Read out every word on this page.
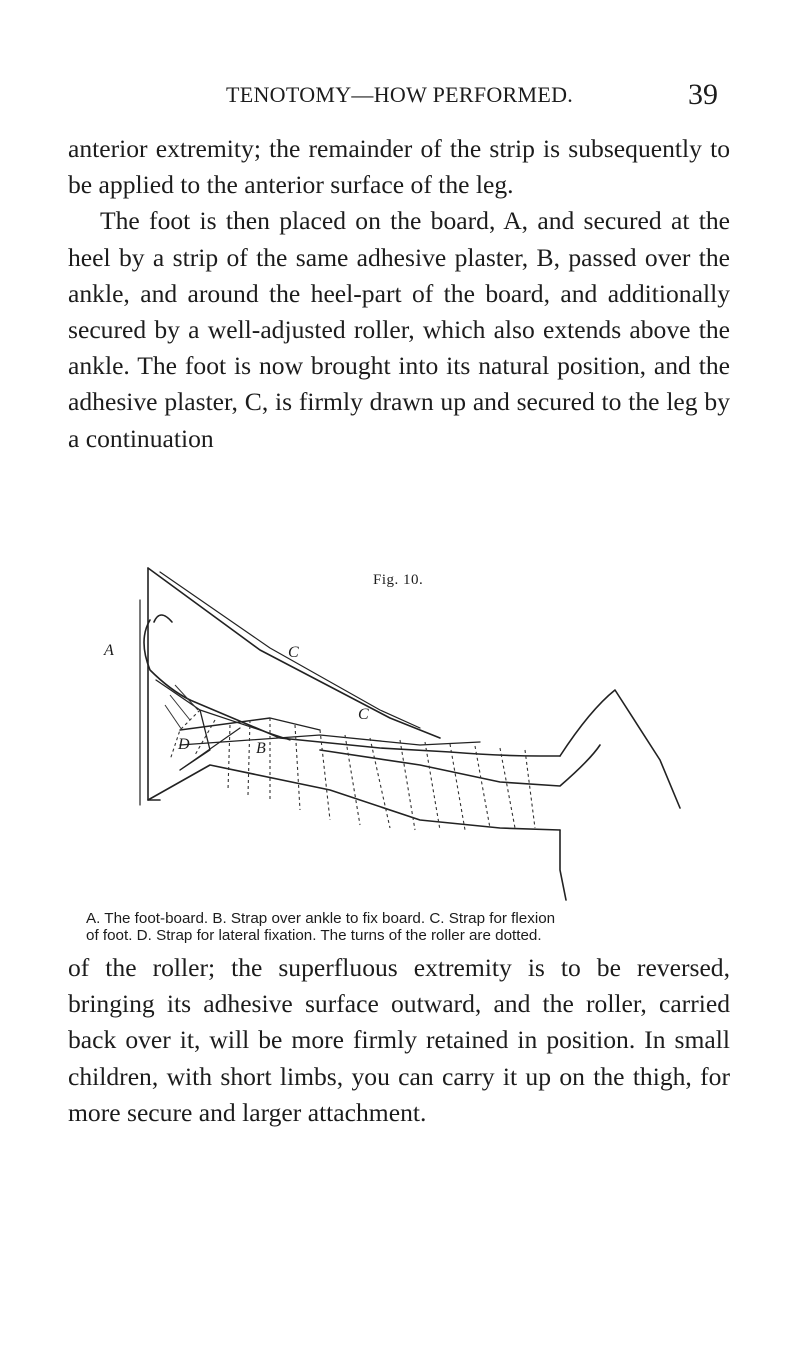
TENOTOMY—HOW PERFORMED.	39

anterior extremity; the remainder of the strip is subsequently to be applied to the anterior surface of the leg.

The foot is then placed on the board, A, and secured at the heel by a strip of the same adhesive plaster, B, passed over the ankle, and around the heel-part of the board, and additionally secured by a well-adjusted roller, which also extends above the ankle. The foot is now brought into its natural position, and the adhesive plaster, C, is firmly drawn up and secured to the leg by a continuation

Fig. 10.
A
B
C
C
D

A. The foot-board. B. Strap over ankle to fix board. C. Strap for flexion

of foot. D. Strap for lateral fixation. The turns of the roller are dotted.

of the roller; the superfluous extremity is to be reversed, bringing its adhesive surface outward, and the roller, carried back over it, will be more firmly retained in position. In small children, with short limbs, you can carry it up on the thigh, for more secure and larger attachment.
